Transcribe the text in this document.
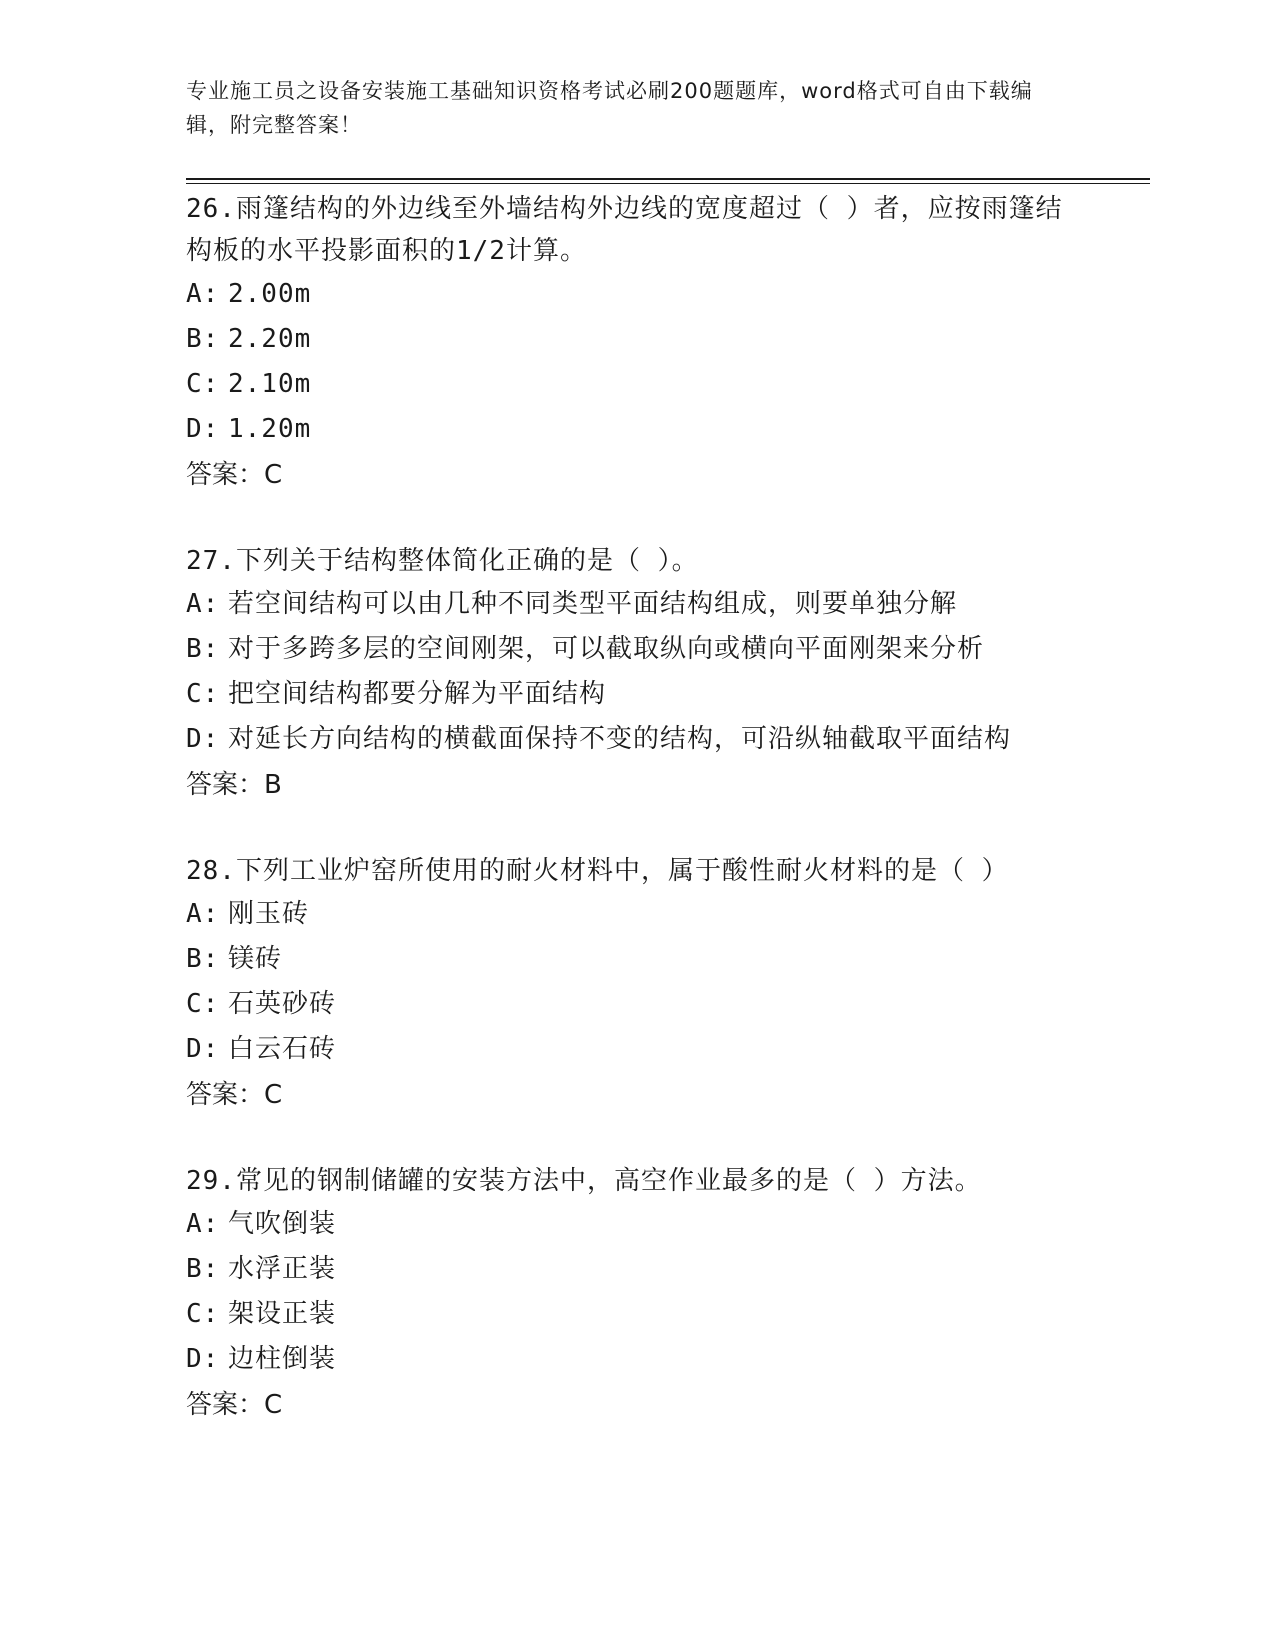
专业施工员之设备安装施工基础知识资格考试必刷200题题库，word格式可自由下载编辑，附完整答案！

26.雨篷结构的外边线至外墙结构外边线的宽度超过（ ）者，应按雨篷结构板的水平投影面积的1/2计算。

A: 2.00m

B: 2.20m

C: 2.10m

D: 1.20m

答案：C

27.下列关于结构整体简化正确的是（ ）。

A: 若空间结构可以由几种不同类型平面结构组成，则要单独分解

B: 对于多跨多层的空间刚架，可以截取纵向或横向平面刚架来分析

C: 把空间结构都要分解为平面结构

D: 对延长方向结构的横截面保持不变的结构，可沿纵轴截取平面结构

答案：B

28.下列工业炉窑所使用的耐火材料中，属于酸性耐火材料的是（ ）

A: 刚玉砖

B: 镁砖

C: 石英砂砖

D: 白云石砖

答案：C

29.常见的钢制储罐的安装方法中，高空作业最多的是（ ）方法。

A: 气吹倒装

B: 水浮正装

C: 架设正装

D: 边柱倒装

答案：C
